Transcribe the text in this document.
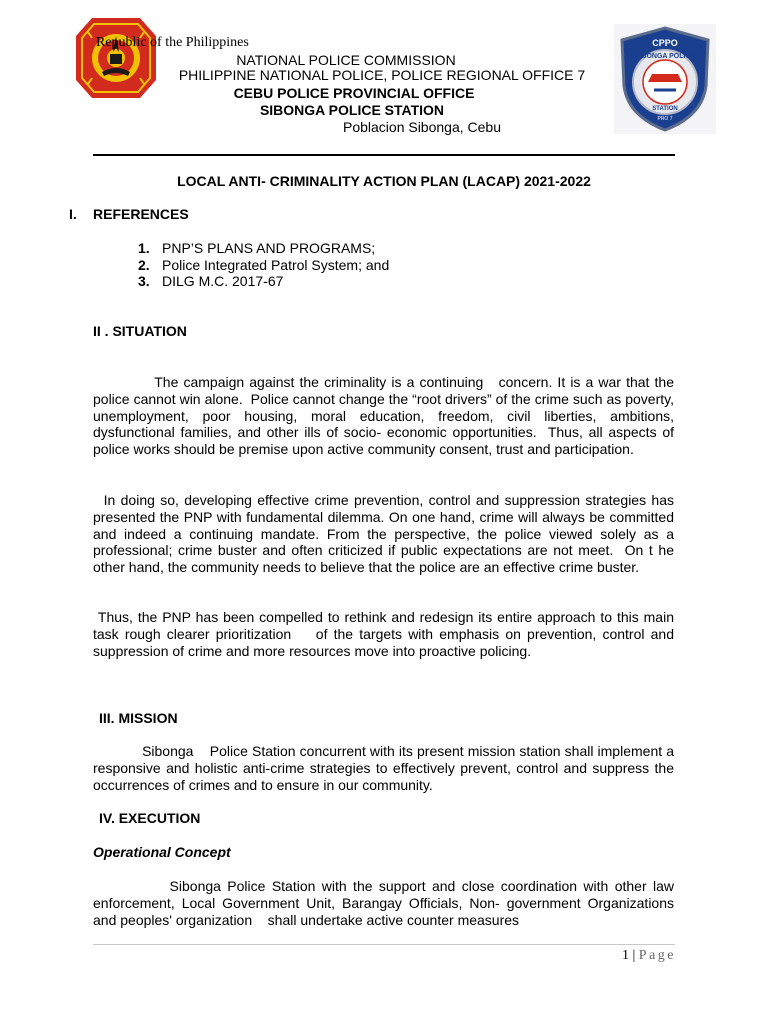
CPPO
SIBONGA POLICE
STATION
PRO 7
Republic of the Philippines
NATIONAL POLICE COMMISSION
PHILIPPINE NATIONAL POLICE, POLICE REGIONAL OFFICE 7
CEBU POLICE PROVINCIAL OFFICE
SIBONGA POLICE STATION
Poblacion Sibonga, Cebu
LOCAL ANTI- CRIMINALITY ACTION PLAN (LACAP) 2021-2022
I. REFERENCES
1. PNP’S PLANS AND PROGRAMS;
2. Police Integrated Patrol System; and
3. DILG M.C. 2017-67
II . SITUATION
The campaign against the criminality is a continuing   concern. It is a war that the police cannot win alone.  Police cannot change the “root drivers” of the crime such as poverty, unemployment, poor housing, moral education, freedom, civil liberties, ambitions, dysfunctional families, and other ills of socio- economic opportunities.  Thus, all aspects of police works should be premise upon active community consent, trust and participation.
In doing so, developing effective crime prevention, control and suppression strategies has presented the PNP with fundamental dilemma. On one hand, crime will always be committed and indeed a continuing mandate. From the perspective, the police viewed solely as a professional; crime buster and often criticized if public expectations are not meet.  On t he other hand, the community needs to believe that the police are an effective crime buster.
Thus, the PNP has been compelled to rethink and redesign its entire approach to this main task rough clearer prioritization    of the targets with emphasis on prevention, control and suppression of crime and more resources move into proactive policing.
III. MISSION
Sibonga    Police Station concurrent with its present mission station shall implement a responsive and holistic anti-crime strategies to effectively prevent, control and suppress the occurrences of crimes and to ensure in our community.
IV. EXECUTION
Operational Concept
Sibonga Police Station with the support and close coordination with other law enforcement, Local Government Unit, Barangay Officials, Non- government Organizations and peoples' organization    shall undertake active counter measures
1 | Page
